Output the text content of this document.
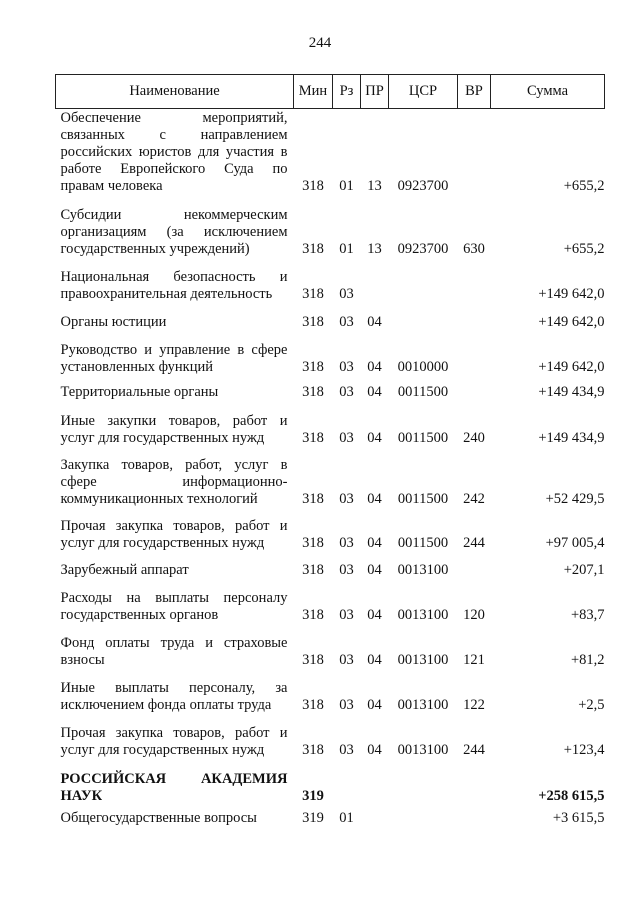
244
Наименование	Мин	Рз	ПР	ЦСР	ВР	Сумма

Обеспечение мероприятий,
связанных с направлением
российских юристов для участия в
работе Европейского Суда по
правам человека	318	01	13	0923700		+655,2

Субсидии некоммерческим
организациям (за исключением
государственных учреждений)	318	01	13	0923700	630	+655,2

Национальная безопасность и
правоохранительная деятельность	318	03				+149 642,0

Органы юстиции	318	03	04			+149 642,0

Руководство и управление в сфере
установленных функций	318	03	04	0010000		+149 642,0

Территориальные органы	318	03	04	0011500		+149 434,9

Иные закупки товаров, работ и
услуг для государственных нужд	318	03	04	0011500	240	+149 434,9

Закупка товаров, работ, услуг в
сфере информационно-
коммуникационных технологий	318	03	04	0011500	242	+52 429,5

Прочая закупка товаров, работ и
услуг для государственных нужд	318	03	04	0011500	244	+97 005,4

Зарубежный аппарат	318	03	04	0013100		+207,1

Расходы на выплаты персоналу
государственных органов	318	03	04	0013100	120	+83,7

Фонд оплаты труда и страховые
взносы	318	03	04	0013100	121	+81,2

Иные выплаты персоналу, за
исключением фонда оплаты труда	318	03	04	0013100	122	+2,5

Прочая закупка товаров, работ и
услуг для государственных нужд	318	03	04	0013100	244	+123,4

РОССИЙСКАЯ АКАДЕМИЯ
НАУК	319					+258 615,5

Общегосударственные вопросы	319	01				+3 615,5
